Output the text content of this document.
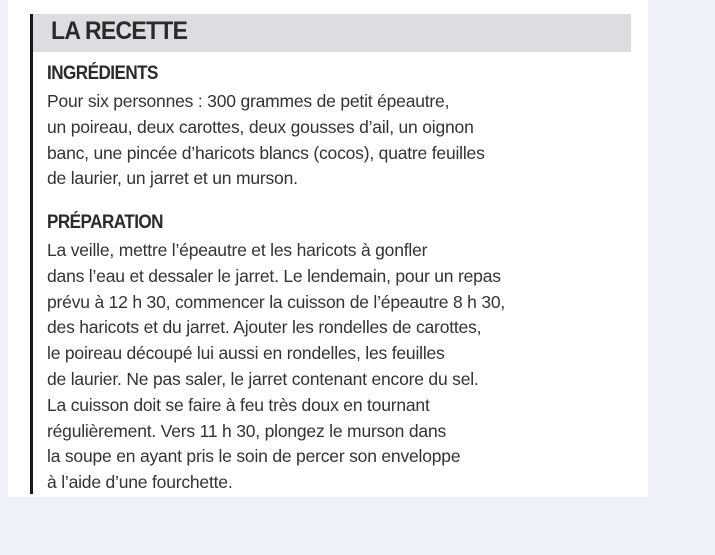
LA RECETTE
INGRÉDIENTS

Pour six personnes : 300 grammes de petit épeautre,
un poireau, deux carottes, deux gousses d’ail, un oignon
banc, une pincée d’haricots blancs (cocos), quatre feuilles
de laurier, un jarret et un murson.

PRÉPARATION

La veille, mettre l’épeautre et les haricots à gonfler
dans l’eau et dessaler le jarret. Le lendemain, pour un repas
prévu à 12 h 30, commencer la cuisson de l’épeautre 8 h 30,
des haricots et du jarret. Ajouter les rondelles de carottes,
le poireau découpé lui aussi en rondelles, les feuilles
de laurier. Ne pas saler, le jarret contenant encore du sel.
La cuisson doit se faire à feu très doux en tournant
régulièrement. Vers 11 h 30, plongez le murson dans
la soupe en ayant pris le soin de percer son enveloppe
à l’aide d’une fourchette.
